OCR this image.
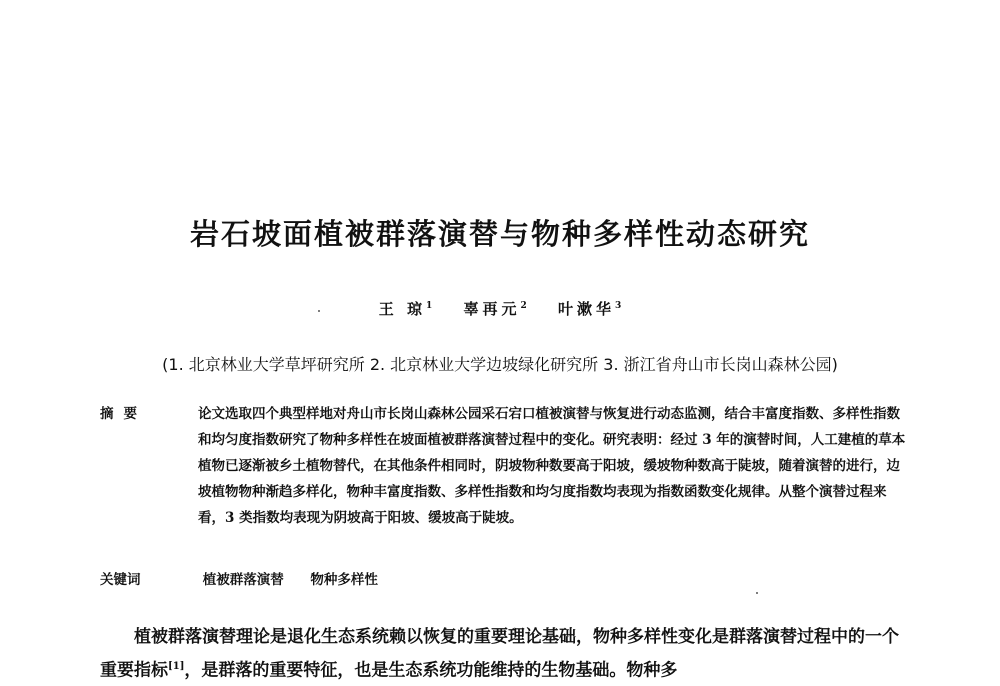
岩石坡面植被群落演替与物种多样性动态研究
王 琼$^1$ 辜再元$^2$ 叶漱华$^3$
(1. 北京林业大学草坪研究所 2. 北京林业大学边坡绿化研究所 3. 浙江省舟山市长岗山森林公园)
摘要	论文选取四个典型样地对舟山市长岗山森林公园采石宕口植被演替与恢复进行动态监测，结合丰富度指数、多样性指数和均匀度指数研究了物种多样性在坡面植被群落演替过程中的变化。研究表明：经过 3 年的演替时间，人工建植的草本植物已逐渐被乡土植物替代，在其他条件相同时，阴坡物种数要高于阳坡，缓坡物种数高于陡坡，随着演替的进行，边坡植物物种渐趋多样化，物种丰富度指数、多样性指数和均匀度指数均表现为指数函数变化规律。从整个演替过程来看，3 类指数均表现为阴坡高于阳坡、缓坡高于陡坡。
关键词	植被群落演替 物种多样性
植被群落演替理论是退化生态系统赖以恢复的重要理论基础，物种多样性变化是群落演替过程中的一个重要指标[1]，是群落的重要特征，也是生态系统功能维持的生物基础。物种多
